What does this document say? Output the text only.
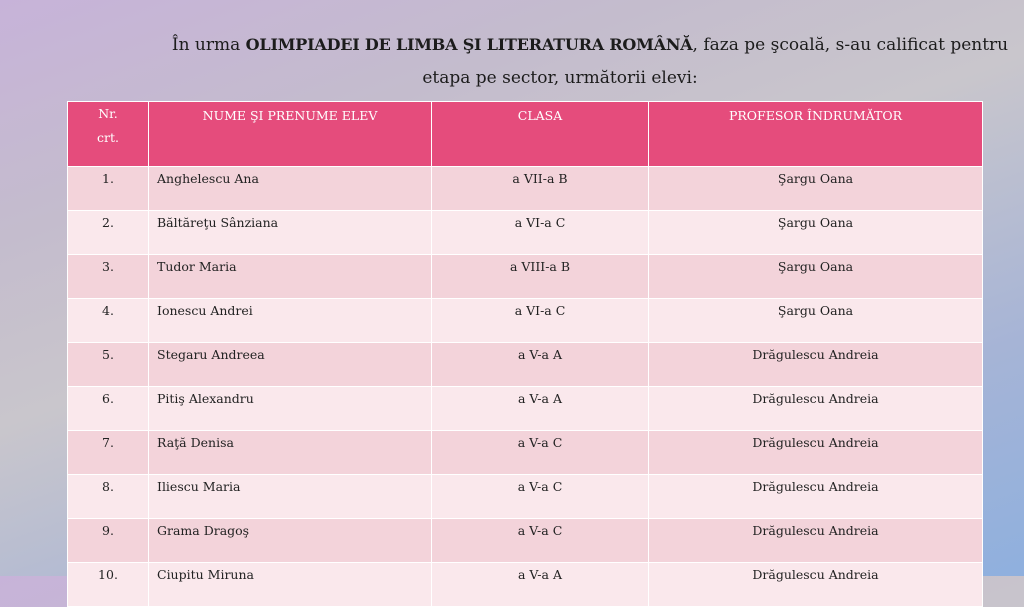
În urma OLIMPIADEI DE LIMBA ŞI LITERATURA ROMÂNĂ, faza pe şcoală, s-au calificat pentru
etapa pe sector, următorii elevi:
Nr.
crt.	NUME ŞI PRENUME ELEV	CLASA	PROFESOR ÎNDRUMĂTOR
1.	Anghelescu Ana	a VII-a B	Şargu Oana
2.	Băltăreţu Sânziana	a VI-a C	Şargu Oana
3.	Tudor Maria	a VIII-a B	Şargu Oana
4.	Ionescu Andrei	a VI-a C	Şargu Oana
5.	Stegaru Andreea	a V-a A	Drăgulescu Andreia
6.	Pitiş Alexandru	a V-a A	Drăgulescu Andreia
7.	Raţă Denisa	a V-a C	Drăgulescu Andreia
8.	Iliescu Maria	a V-a C	Drăgulescu Andreia
9.	Grama Dragoş	a V-a C	Drăgulescu Andreia
10.	Ciupitu Miruna	a V-a A	Drăgulescu Andreia
